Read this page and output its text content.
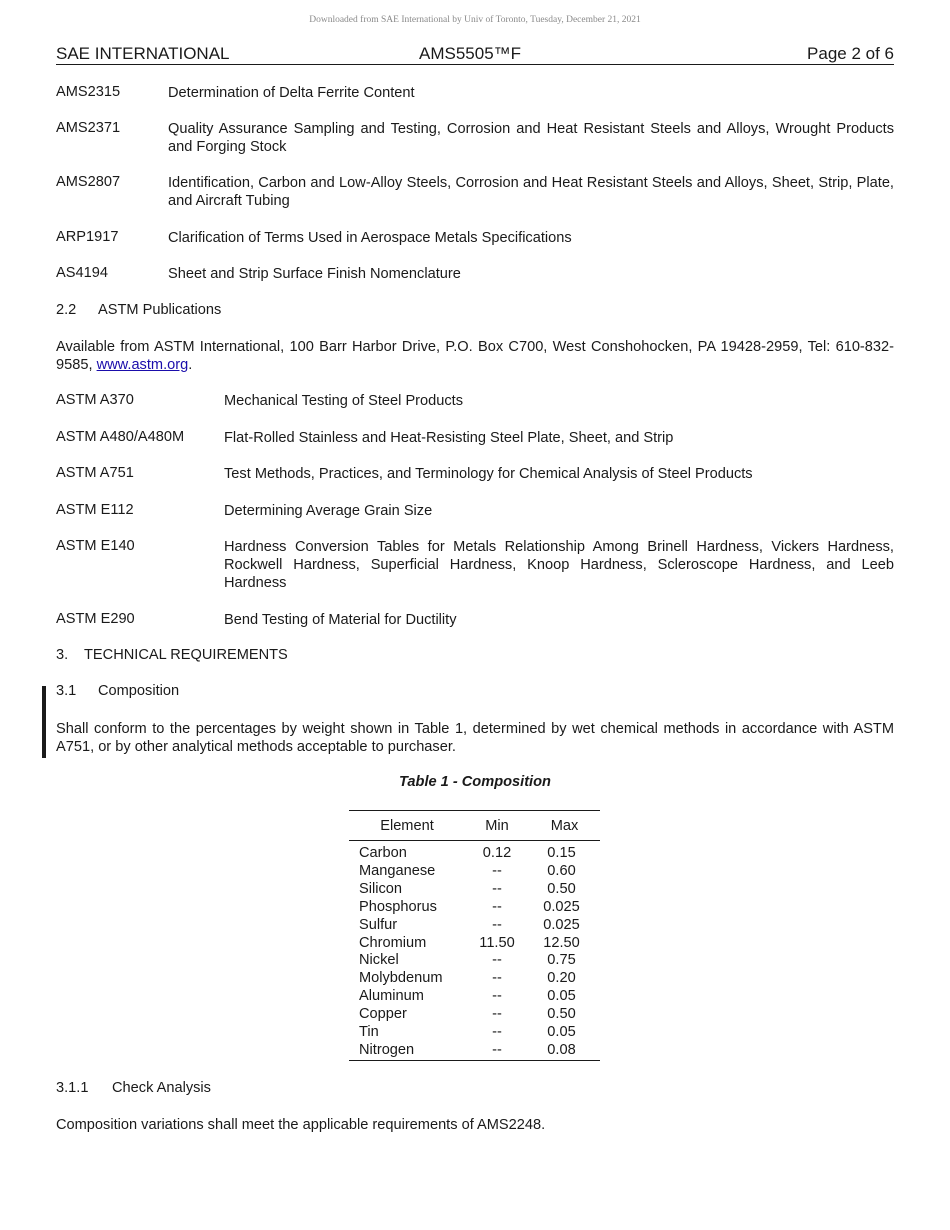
Downloaded from SAE International by Univ of Toronto, Tuesday, December 21, 2021
SAE INTERNATIONAL	AMS5505™F	Page 2 of 6
AMS2315	Determination of Delta Ferrite Content
AMS2371	Quality Assurance Sampling and Testing, Corrosion and Heat Resistant Steels and Alloys, Wrought Products and Forging Stock
AMS2807	Identification, Carbon and Low-Alloy Steels, Corrosion and Heat Resistant Steels and Alloys, Sheet, Strip, Plate, and Aircraft Tubing
ARP1917	Clarification of Terms Used in Aerospace Metals Specifications
AS4194	Sheet and Strip Surface Finish Nomenclature
2.2 ASTM Publications
Available from ASTM International, 100 Barr Harbor Drive, P.O. Box C700, West Conshohocken, PA 19428-2959, Tel: 610-832-9585, www.astm.org.
ASTM A370	Mechanical Testing of Steel Products
ASTM A480/A480M	Flat-Rolled Stainless and Heat-Resisting Steel Plate, Sheet, and Strip
ASTM A751	Test Methods, Practices, and Terminology for Chemical Analysis of Steel Products
ASTM E112	Determining Average Grain Size
ASTM E140	Hardness Conversion Tables for Metals Relationship Among Brinell Hardness, Vickers Hardness, Rockwell Hardness, Superficial Hardness, Knoop Hardness, Scleroscope Hardness, and Leeb Hardness
ASTM E290	Bend Testing of Material for Ductility
3. TECHNICAL REQUIREMENTS
3.1 Composition
Shall conform to the percentages by weight shown in Table 1, determined by wet chemical methods in accordance with ASTM A751, or by other analytical methods acceptable to purchaser.
Table 1 - Composition
Element	Min	Max
Carbon	0.12	0.15
Manganese	--	0.60
Silicon	--	0.50
Phosphorus	--	0.025
Sulfur	--	0.025
Chromium	11.50	12.50
Nickel	--	0.75
Molybdenum	--	0.20
Aluminum	--	0.05
Copper	--	0.50
Tin	--	0.05
Nitrogen	--	0.08
3.1.1 Check Analysis
Composition variations shall meet the applicable requirements of AMS2248.
